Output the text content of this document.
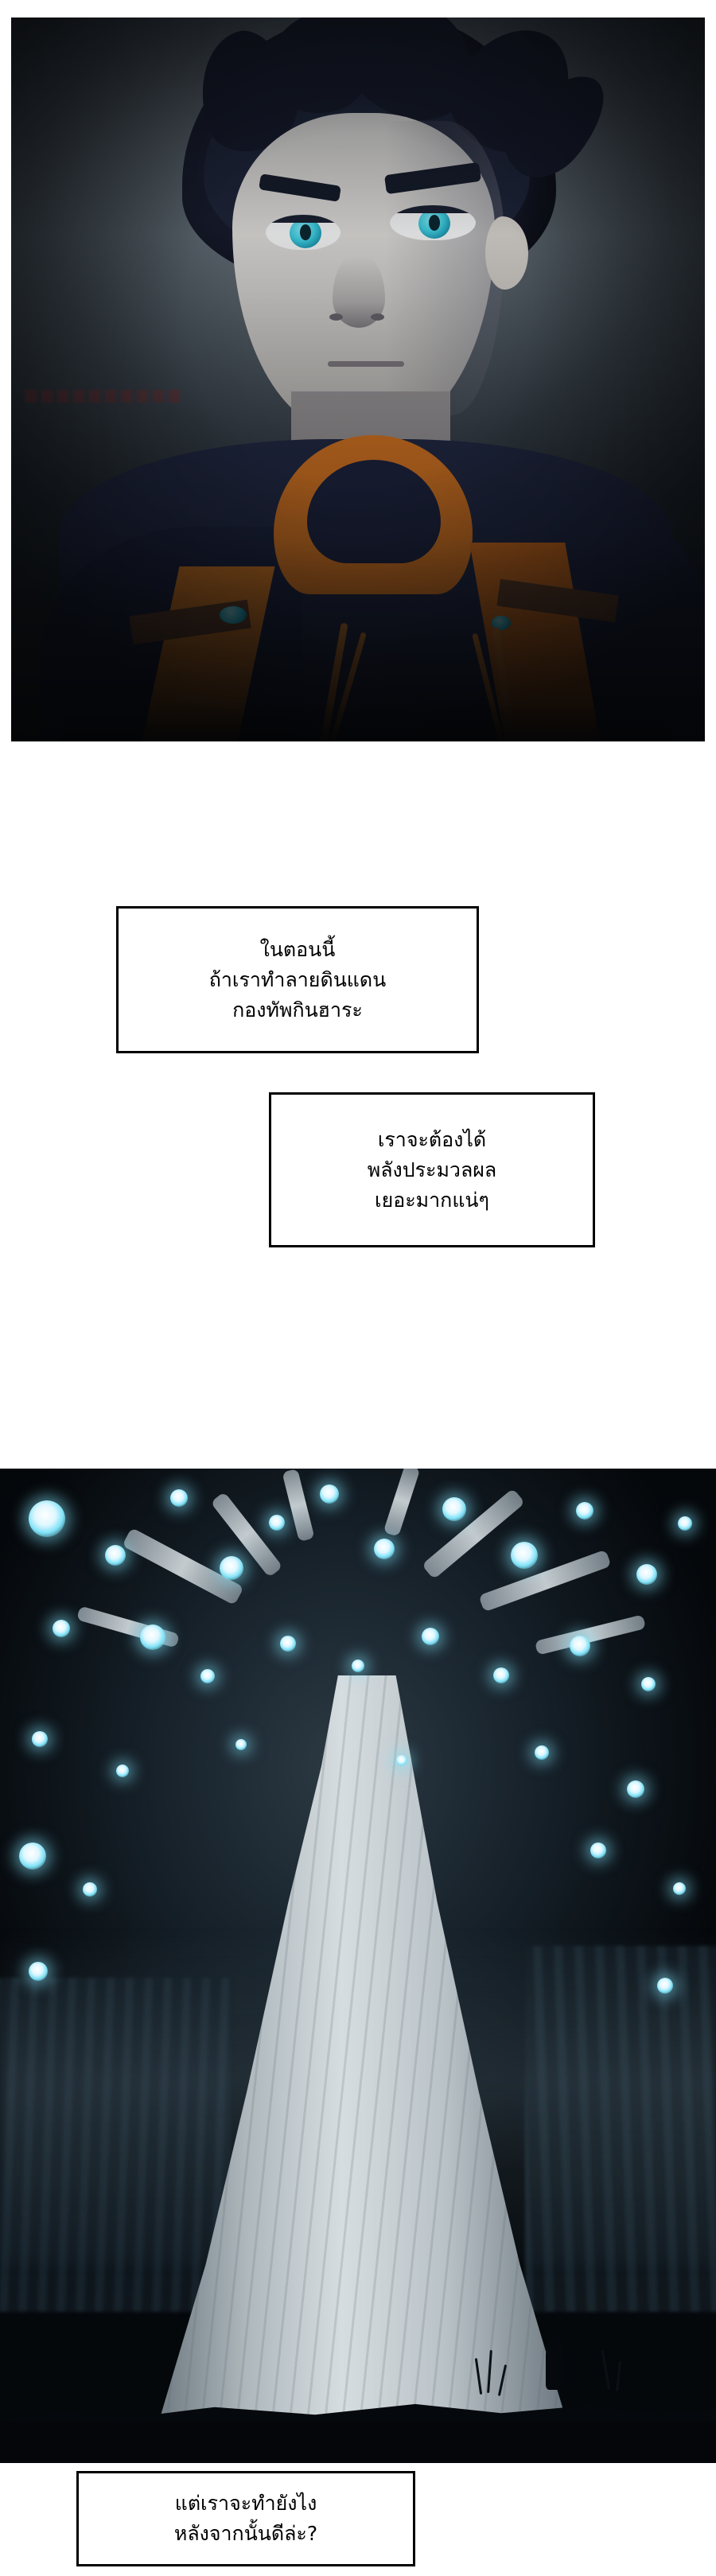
ในตอนนี้

ถ้าเราทำลายดินแดน

กองทัพกินฮาระ

เราจะต้องได้

พลังประมวลผล

เยอะมากแน่ๆ

แต่เราจะทำยังไง

หลังจากนั้นดีล่ะ?
